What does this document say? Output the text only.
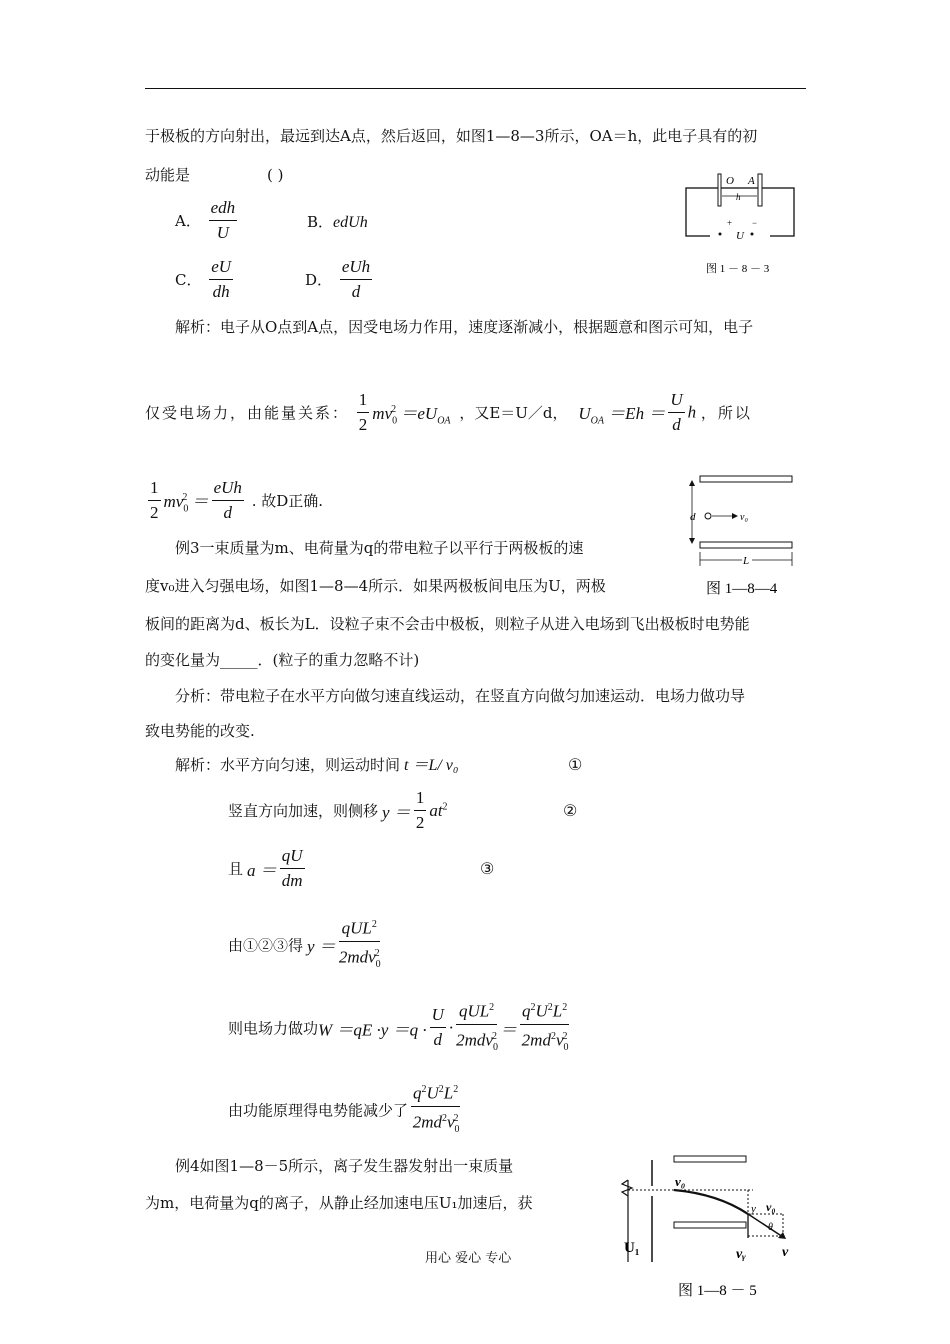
于极板的方向射出，最远到达A点，然后返回，如图1—8—3所示，OA＝h，此电子具有的初
动能是	( )
A． $\frac{\text{edh}}{U}$	B．edUh
C． $\frac{eU}{dh}$	D． $\frac{\text{eUh}}{d}$
O A
h
+ −
U
图 1 － 8 － 3
解析：电子从O点到A点，因受电场力作用，速度逐渐减小，根据题意和图示可知，电子
仅受电场力，由能量关系： $\frac{1}{2} mv_0^2 =eU_{OA}$ ，又E＝U／d， $U_{OA} =Eh = \frac{U}{d}$ h ，所以
$\frac{1}{2} mv_0^2 = \frac{\text{eUh}}{d}$ . 故D正确.
d	v₀
L
图 1—8—4
例3一束质量为m、电荷量为q的带电粒子以平行于两极板的速
度v₀进入匀强电场，如图1—8—4所示．如果两极板间电压为U，两极
板间的距离为d、板长为L．设粒子束不会击中极板，则粒子从进入电场到飞出极板时电势能
的变化量为_____．(粒子的重力忽略不计)
分析：带电粒子在水平方向做匀速直线运动，在竖直方向做匀加速运动．电场力做功导
致电势能的改变.
解析：水平方向匀速，则运动时间 t ＝L/ v₀	①
竖直方向加速，则侧移 $y = \frac{1}{2} at^2$	②
且 $a = \frac{qU}{dm}$	③
由①②③得 $y = \frac{qUL^2}{2mdv_0^2}$
则电场力做功$W =qE \cdot y =q \cdot \frac{U}{d} \cdot \frac{qUL^2}{2mdv_0^2} = \frac{q^2U^2L^2}{2md^2v_0^2}$
由功能原理得电势能减少了 $\frac{q^2U^2L^2}{2md^2v_0^2}$
例4如图1—8－5所示，离子发生器发射出一束质量
为m，电荷量为q的离子，从静止经加速电压U₁加速后，获
v₀
v₀
y
θ
vᵧ	v
U₁
图 1—8 － 5
用心 爱心 专心
